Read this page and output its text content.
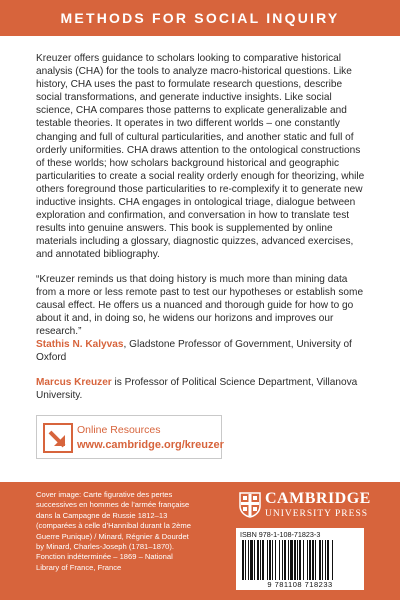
METHODS FOR SOCIAL INQUIRY

Kreuzer offers guidance to scholars looking to comparative historical analysis (CHA) for the tools to analyze macro-historical questions. Like history, CHA uses the past to formulate research questions, describe social transformations, and generate inductive insights. Like social science, CHA compares those patterns to explicate generalizable and testable theories. It operates in two different worlds – one constantly changing and full of cultural particularities, and another static and full of orderly uniformities. CHA draws attention to the ontological constructions of these worlds; how scholars background historical and geographic particularities to create a social reality orderly enough for theorizing, while others foreground those particularities to re-complexify it to generate new inductive insights. CHA engages in ontological triage, dialogue between exploration and confirmation, and conversation in how to translate test results into genuine answers. This book is supplemented by online materials including a glossary, diagnostic quizzes, advanced exercises, and annotated bibliography.

“Kreuzer reminds us that doing history is much more than mining data from a more or less remote past to test our hypotheses or establish some causal effect. He offers us a nuanced and thorough guide for how to go about it and, in doing so, he widens our horizons and improves our research.”
Stathis N. Kalyvas, Gladstone Professor of Government, University of Oxford

Marcus Kreuzer is Professor of Political Science Department, Villanova University.

Online Resources
www.cambridge.org/kreuzer

Cover image: Carte figurative des pertes successives en hommes de l’armée française dans la Campagne de Russie 1812–13 (comparées à celle d’Hannibal durant la 2ème Guerre Punique) / Minard, Régnier & Dourdet by Minard, Charles-Joseph (1781–1870). Fonction indéterminée – 1869 – National Library of France, France

CAMBRIDGE
UNIVERSITY PRESS
ISBN 978-1-108-71823-3
9 781108 718233
